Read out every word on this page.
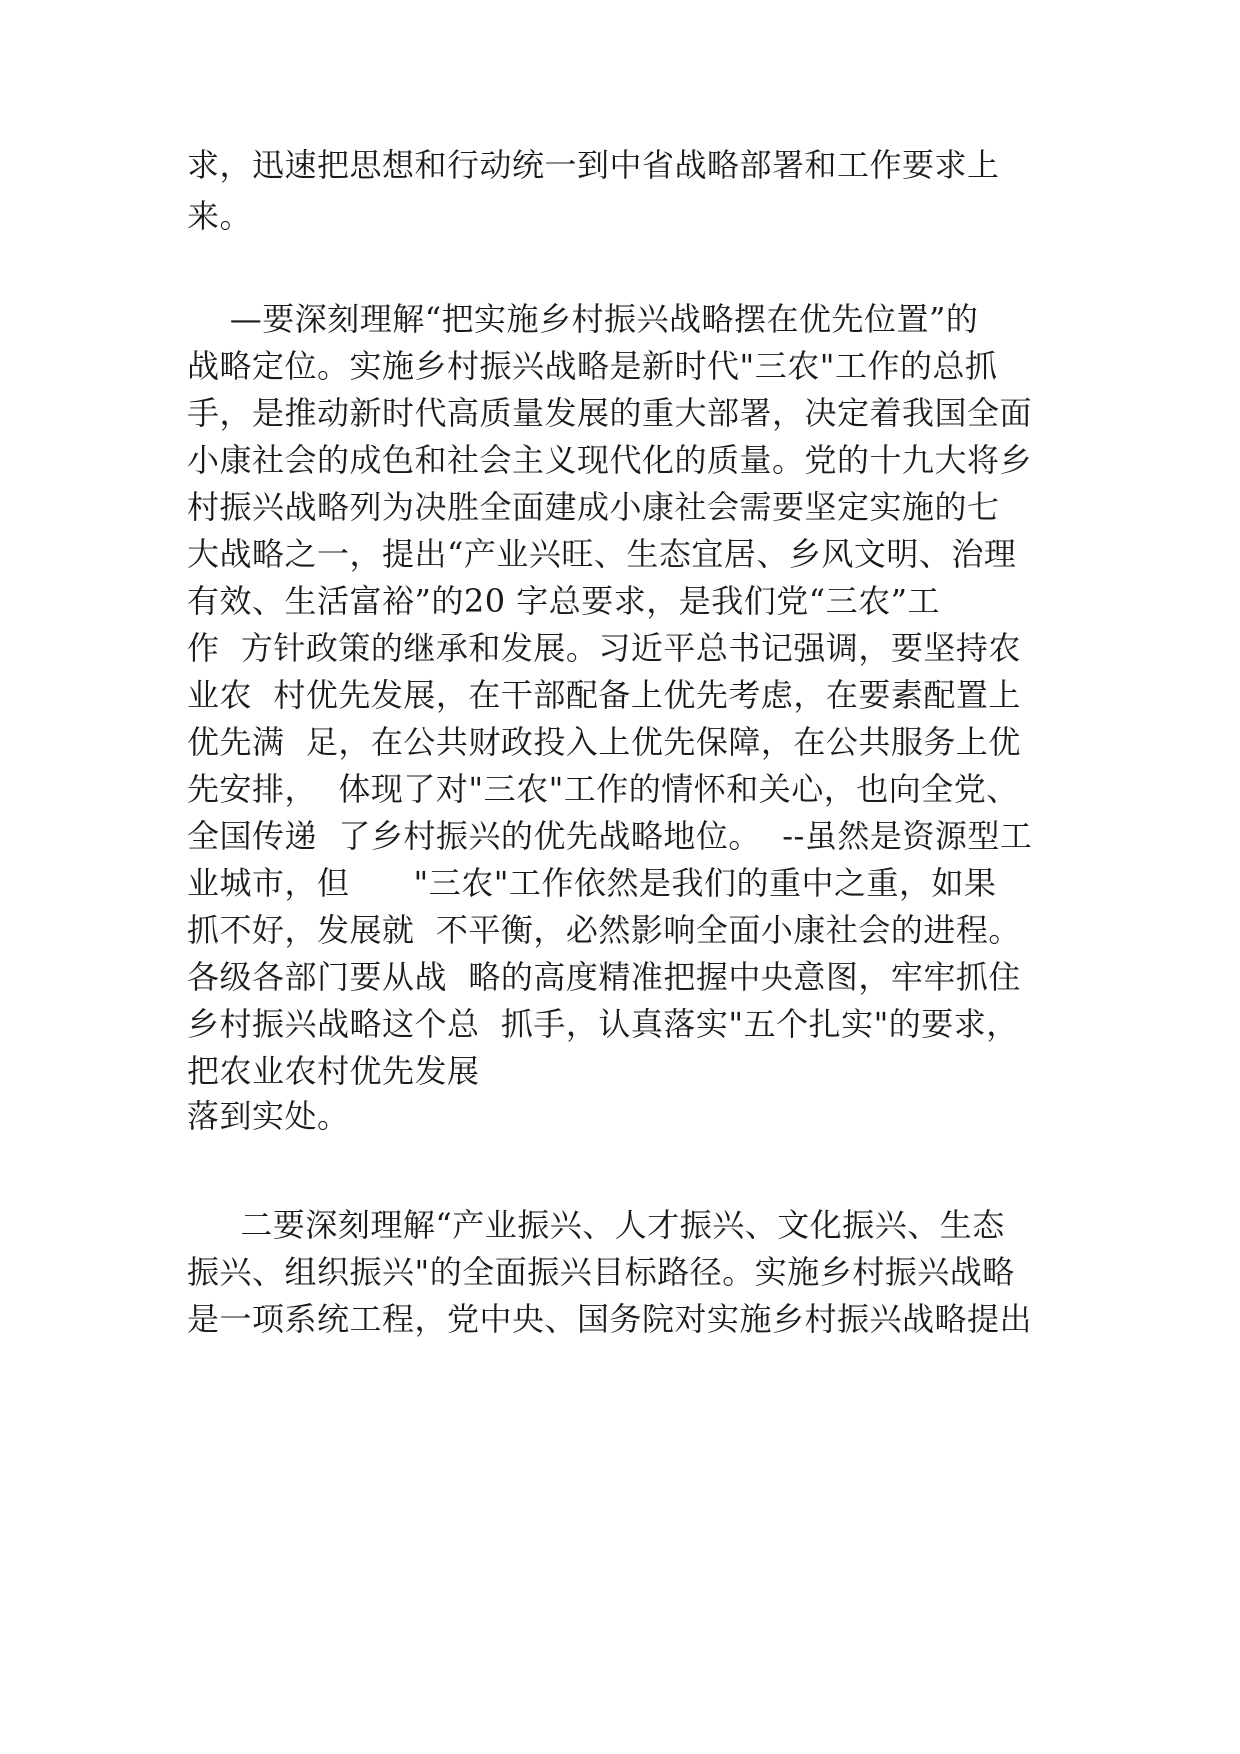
求，迅速把思想和行动统一到中省战略部署和工作要求上
来。
—要深刻理解“把实施乡村振兴战略摆在优先位置”的
战略定位。实施乡村振兴战略是新时代"三农"工作的总抓
手，是推动新时代高质量发展的重大部署，决定着我国全面
小康社会的成色和社会主义现代化的质量。党的十九大将乡
村振兴战略列为决胜全面建成小康社会需要坚定实施的七
大战略之一，提出“产业兴旺、生态宜居、乡风文明、治理
有效、生活富裕”的20 字总要求，是我们党“三农”工
作  方针政策的继承和发展。习近平总书记强调，要坚持农
业农  村优先发展，在干部配备上优先考虑，在要素配置上
优先满  足，在公共财政投入上优先保障，在公共服务上优
先安排，  体现了对"三农"工作的情怀和关心，也向全党、
全国传递  了乡村振兴的优先战略地位。  --虽然是资源型工
业城市，但      "三农"工作依然是我们的重中之重，如果
抓不好，发展就  不平衡，必然影响全面小康社会的进程。
各级各部门要从战  略的高度精准把握中央意图，牢牢抓住
乡村振兴战略这个总  抓手，认真落实"五个扎实"的要求，
把农业农村优先发展
落到实处。
二要深刻理解“产业振兴、人才振兴、文化振兴、生态
振兴、组织振兴"的全面振兴目标路径。实施乡村振兴战略
是一项系统工程，党中央、国务院对实施乡村振兴战略提出
